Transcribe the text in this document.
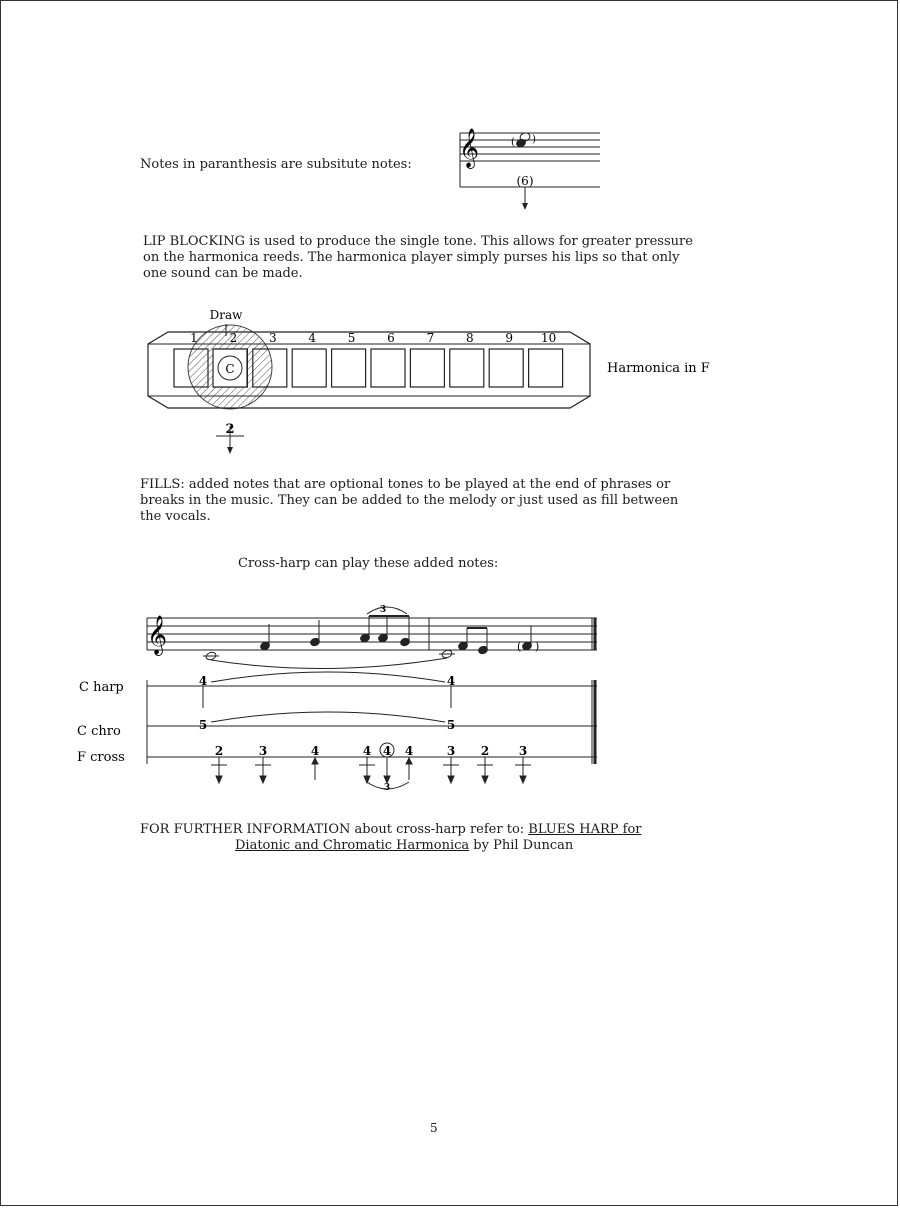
Notes in paranthesis are subsitute notes: 𝄞	( )
(6)
LIP BLOCKING is used to produce the single tone. This allows for greater pressure
on the harmonica reeds. The harmonica player simply purses his lips so that only
one sound can be made.
Draw
C
1	2	3	4	5	6	7	8	9 10
Harmonica in F
2
FILLS: added notes that are optional tones to be played at the end of phrases or
breaks in the music. They can be added to the melody or just used as fill between
the vocals.
Cross-harp can play these added notes:
𝄞
3
( )
C harp
C chro
F cross
4	4
5	5
2	3	4	4 4 4	3 2 3
3
FOR FURTHER INFORMATION about cross-harp refer to: BLUES HARP for
Diatonic and Chromatic Harmonica by Phil Duncan
5
